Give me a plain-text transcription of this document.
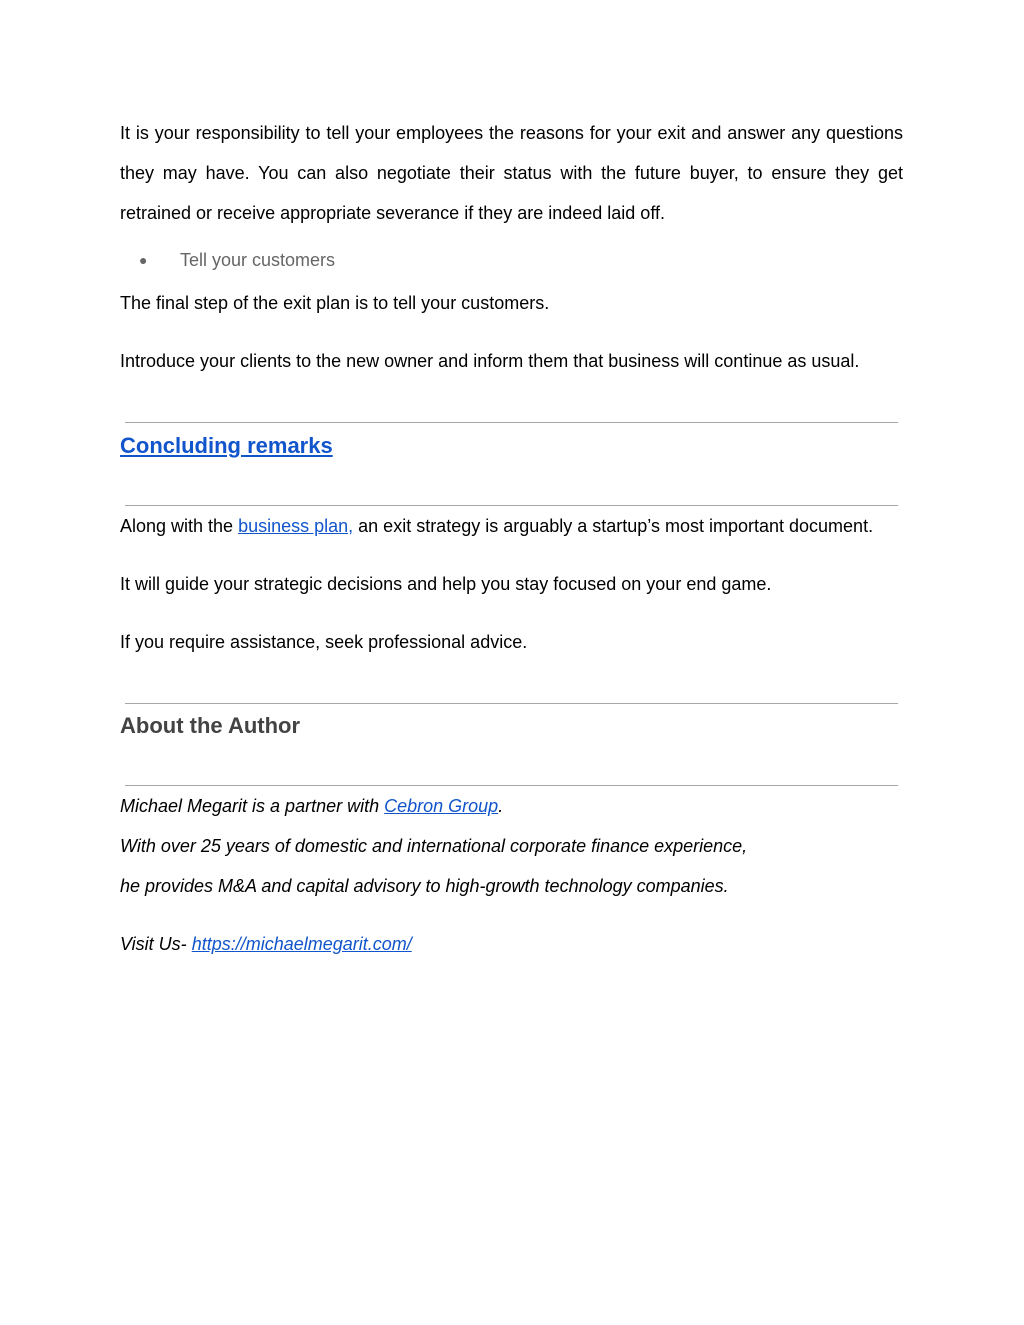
It is your responsibility to tell your employees the reasons for your exit and answer any questions they may have. You can also negotiate their status with the future buyer, to ensure they get retrained or receive appropriate severance if they are indeed laid off.

● Tell your customers

The final step of the exit plan is to tell your customers.

Introduce your clients to the new owner and inform them that business will continue as usual.

Concluding remarks

Along with the business plan, an exit strategy is arguably a startup’s most important document.

It will guide your strategic decisions and help you stay focused on your end game.

If you require assistance, seek professional advice.

About the Author

Michael Megarit is a partner with Cebron Group.

With over 25 years of domestic and international corporate finance experience,

he provides M&A and capital advisory to high-growth technology companies.

Visit Us- https://michaelmegarit.com/
